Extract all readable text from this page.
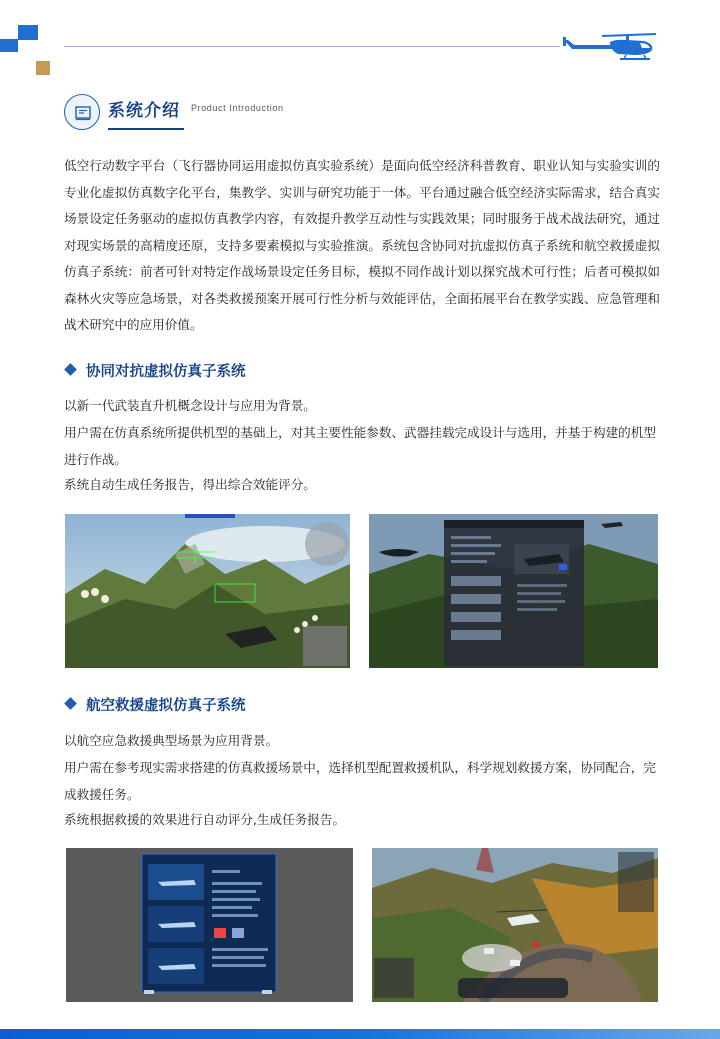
系统介绍 Product Introduction

低空行动数字平台（飞行器协同运用虚拟仿真实验系统）是面向低空经济科普教育、职业认知与实验实训的专业化虚拟仿真数字化平台，集教学、实训与研究功能于一体。平台通过融合低空经济实际需求，结合真实场景设定任务驱动的虚拟仿真教学内容，有效提升教学互动性与实践效果；同时服务于战术战法研究，通过对现实场景的高精度还原，支持多要素模拟与实验推演。系统包含协同对抗虚拟仿真子系统和航空救援虚拟仿真子系统：前者可针对特定作战场景设定任务目标，模拟不同作战计划以探究战术可行性；后者可模拟如森林火灾等应急场景，对各类救援预案开展可行性分析与效能评估，全面拓展平台在教学实践、应急管理和战术研究中的应用价值。

协同对抗虚拟仿真子系统

以新一代武装直升机概念设计与应用为背景。

用户需在仿真系统所提供机型的基础上，对其主要性能参数、武器挂载完成设计与选用，并基于构建的机型进行作战。

系统自动生成任务报告，得出综合效能评分。

航空救援虚拟仿真子系统

以航空应急救援典型场景为应用背景。

用户需在参考现实需求搭建的仿真救援场景中，选择机型配置救援机队，科学规划救援方案，协同配合，完成救援任务。

系统根据救援的效果进行自动评分,生成任务报告。
